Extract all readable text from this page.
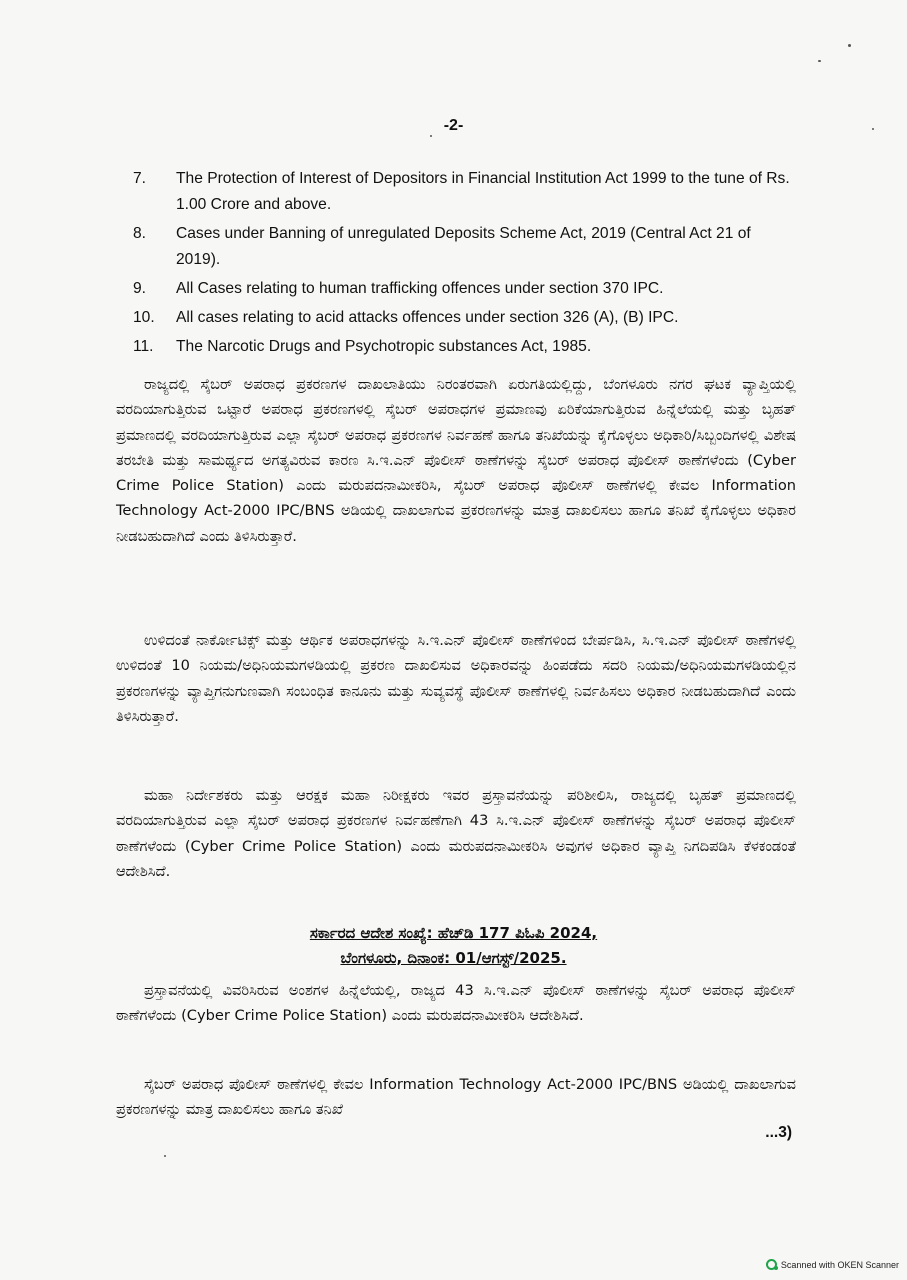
-2-
7.	The Protection of Interest of Depositors in Financial Institution Act 1999 to the tune of Rs. 1.00 Crore and above.
8.	Cases under Banning of unregulated Deposits Scheme Act, 2019 (Central Act 21 of 2019).
9.	All Cases relating to human trafficking offences under section 370 IPC.
10.	All cases relating to acid attacks offences under section 326 (A), (B) IPC.
11.	The Narcotic Drugs and Psychotropic substances Act, 1985.
ರಾಜ್ಯದಲ್ಲಿ ಸೈಬರ್ ಅಪರಾಧ ಪ್ರಕರಣಗಳ ದಾಖಲಾತಿಯು ನಿರಂತರವಾಗಿ ಏರುಗತಿಯಲ್ಲಿದ್ದು, ಬೆಂಗಳೂರು ನಗರ ಘಟಕ ವ್ಯಾಪ್ತಿಯಲ್ಲಿ ವರದಿಯಾಗುತ್ತಿರುವ ಒಟ್ಟಾರೆ ಅಪರಾಧ ಪ್ರಕರಣಗಳಲ್ಲಿ ಸೈಬರ್ ಅಪರಾಧಗಳ ಪ್ರಮಾಣವು ಏರಿಕೆಯಾಗುತ್ತಿರುವ ಹಿನ್ನೆಲೆಯಲ್ಲಿ ಮತ್ತು ಬೃಹತ್ ಪ್ರಮಾಣದಲ್ಲಿ ವರದಿಯಾಗುತ್ತಿರುವ ಎಲ್ಲಾ ಸೈಬರ್ ಅಪರಾಧ ಪ್ರಕರಣಗಳ ನಿರ್ವಹಣೆ ಹಾಗೂ ತನಿಖೆಯನ್ನು ಕೈಗೊಳ್ಳಲು ಅಧಿಕಾರಿ/ಸಿಬ್ಬಂದಿಗಳಲ್ಲಿ ವಿಶೇಷ ತರಬೇತಿ ಮತ್ತು ಸಾಮರ್ಥ್ಯದ ಅಗತ್ಯವಿರುವ ಕಾರಣ ಸಿ.ಇ.ಎನ್ ಪೊಲೀಸ್ ಠಾಣೆಗಳನ್ನು ಸೈಬರ್ ಅಪರಾಧ ಪೊಲೀಸ್ ಠಾಣೆಗಳೆಂದು (Cyber Crime Police Station) ಎಂದು ಮರುಪದನಾಮೀಕರಿಸಿ, ಸೈಬರ್ ಅಪರಾಧ ಪೊಲೀಸ್ ಠಾಣೆಗಳಲ್ಲಿ ಕೇವಲ Information Technology Act-2000 IPC/BNS ಅಡಿಯಲ್ಲಿ ದಾಖಲಾಗುವ ಪ್ರಕರಣಗಳನ್ನು ಮಾತ್ರ ದಾಖಲಿಸಲು ಹಾಗೂ ತನಿಖೆ ಕೈಗೊಳ್ಳಲು ಅಧಿಕಾರ ನೀಡಬಹುದಾಗಿದೆ ಎಂದು ತಿಳಿಸಿರುತ್ತಾರೆ.
ಉಳಿದಂತೆ ನಾರ್ಕೋಟಿಕ್ಸ್ ಮತ್ತು ಆರ್ಥಿಕ ಅಪರಾಧಗಳನ್ನು ಸಿ.ಇ.ಎನ್ ಪೊಲೀಸ್ ಠಾಣೆಗಳಿಂದ ಬೇರ್ಪಡಿಸಿ, ಸಿ.ಇ.ಎನ್ ಪೊಲೀಸ್ ಠಾಣೆಗಳಲ್ಲಿ ಉಳಿದಂತೆ 10 ನಿಯಮ/ಅಧಿನಿಯಮಗಳಡಿಯಲ್ಲಿ ಪ್ರಕರಣ ದಾಖಲಿಸುವ ಅಧಿಕಾರವನ್ನು ಹಿಂಪಡೆದು ಸದರಿ ನಿಯಮ/ಅಧಿನಿಯಮಗಳಡಿಯಲ್ಲಿನ ಪ್ರಕರಣಗಳನ್ನು ವ್ಯಾಪ್ತಿಗನುಗುಣವಾಗಿ ಸಂಬಂಧಿತ ಕಾನೂನು ಮತ್ತು ಸುವ್ಯವಸ್ಥೆ ಪೊಲೀಸ್ ಠಾಣೆಗಳಲ್ಲಿ ನಿರ್ವಹಿಸಲು ಅಧಿಕಾರ ನೀಡಬಹುದಾಗಿದೆ ಎಂದು ತಿಳಿಸಿರುತ್ತಾರೆ.
ಮಹಾ ನಿರ್ದೇಶಕರು ಮತ್ತು ಆರಕ್ಷಕ ಮಹಾ ನಿರೀಕ್ಷಕರು ಇವರ ಪ್ರಸ್ತಾವನೆಯನ್ನು ಪರಿಶೀಲಿಸಿ, ರಾಜ್ಯದಲ್ಲಿ ಬೃಹತ್ ಪ್ರಮಾಣದಲ್ಲಿ ವರದಿಯಾಗುತ್ತಿರುವ ಎಲ್ಲಾ ಸೈಬರ್ ಅಪರಾಧ ಪ್ರಕರಣಗಳ ನಿರ್ವಹಣೆಗಾಗಿ 43 ಸಿ.ಇ.ಎನ್ ಪೊಲೀಸ್ ಠಾಣೆಗಳನ್ನು ಸೈಬರ್ ಅಪರಾಧ ಪೊಲೀಸ್ ಠಾಣೆಗಳೆಂದು (Cyber Crime Police Station) ಎಂದು ಮರುಪದನಾಮೀಕರಿಸಿ ಅವುಗಳ ಅಧಿಕಾರ ವ್ಯಾಪ್ತಿ ನಿಗದಿಪಡಿಸಿ ಕೆಳಕಂಡಂತೆ ಆದೇಶಿಸಿದೆ.
ಸರ್ಕಾರದ ಆದೇಶ ಸಂಖ್ಯೆ: ಹೆಚ್‌ಡಿ 177 ಪಿಓಪಿ 2024,
ಬೆಂಗಳೂರು, ದಿನಾಂಕ: 01/ಆಗಸ್ಟ್/2025.
ಪ್ರಸ್ತಾವನೆಯಲ್ಲಿ ವಿವರಿಸಿರುವ ಅಂಶಗಳ ಹಿನ್ನೆಲೆಯಲ್ಲಿ, ರಾಜ್ಯದ 43 ಸಿ.ಇ.ಎನ್ ಪೊಲೀಸ್ ಠಾಣೆಗಳನ್ನು ಸೈಬರ್ ಅಪರಾಧ ಪೊಲೀಸ್ ಠಾಣೆಗಳೆಂದು (Cyber Crime Police Station) ಎಂದು ಮರುಪದನಾಮೀಕರಿಸಿ ಆದೇಶಿಸಿದೆ.
ಸೈಬರ್ ಅಪರಾಧ ಪೊಲೀಸ್ ಠಾಣೆಗಳಲ್ಲಿ ಕೇವಲ Information Technology Act-2000 IPC/BNS ಅಡಿಯಲ್ಲಿ ದಾಖಲಾಗುವ ಪ್ರಕರಣಗಳನ್ನು ಮಾತ್ರ ದಾಖಲಿಸಲು ಹಾಗೂ ತನಿಖೆ
...3)
Scanned with OKEN Scanner
